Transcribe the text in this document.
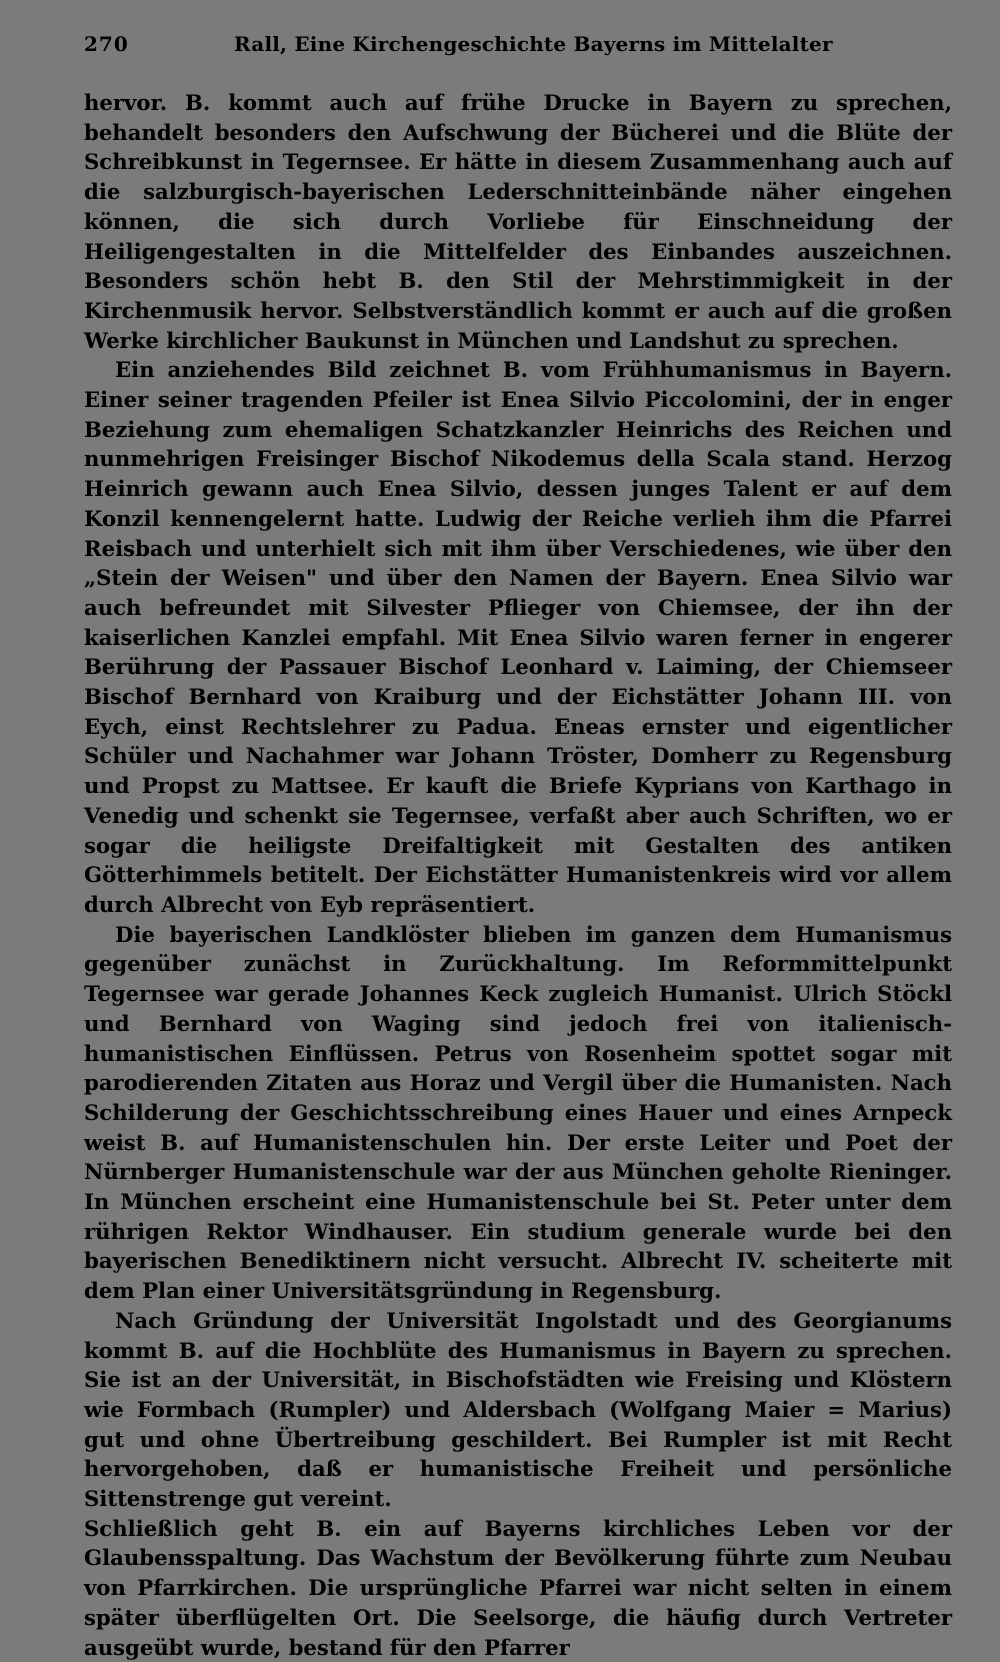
270	Rall, Eine Kirchengeschichte Bayerns im Mittelalter

hervor. B. kommt auch auf frühe Drucke in Bayern zu sprechen, behandelt besonders den Aufschwung der Bücherei und die Blüte der Schreibkunst in Tegernsee. Er hätte in diesem Zusammenhang auch auf die salzburgisch-bayerischen Lederschnitteinbände näher eingehen können, die sich durch Vorliebe für Einschneidung der Heiligengestalten in die Mittelfelder des Einbandes auszeichnen. Besonders schön hebt B. den Stil der Mehrstimmigkeit in der Kirchenmusik hervor. Selbstverständlich kommt er auch auf die großen Werke kirchlicher Baukunst in München und Landshut zu sprechen.

Ein anziehendes Bild zeichnet B. vom Frühhumanismus in Bayern. Einer seiner tragenden Pfeiler ist Enea Silvio Piccolomini, der in enger Beziehung zum ehemaligen Schatzkanzler Heinrichs des Reichen und nunmehrigen Freisinger Bischof Nikodemus della Scala stand. Herzog Heinrich gewann auch Enea Silvio, dessen junges Talent er auf dem Konzil kennengelernt hatte. Ludwig der Reiche verlieh ihm die Pfarrei Reisbach und unterhielt sich mit ihm über Verschiedenes, wie über den „Stein der Weisen" und über den Namen der Bayern. Enea Silvio war auch befreundet mit Silvester Pflieger von Chiemsee, der ihn der kaiserlichen Kanzlei empfahl. Mit Enea Silvio waren ferner in engerer Berührung der Passauer Bischof Leonhard v. Laiming, der Chiemseer Bischof Bernhard von Kraiburg und der Eichstätter Johann III. von Eych, einst Rechtslehrer zu Padua. Eneas ernster und eigentlicher Schüler und Nachahmer war Johann Tröster, Domherr zu Regensburg und Propst zu Mattsee. Er kauft die Briefe Kyprians von Karthago in Venedig und schenkt sie Tegernsee, verfaßt aber auch Schriften, wo er sogar die heiligste Dreifaltigkeit mit Gestalten des antiken Götterhimmels betitelt. Der Eichstätter Humanistenkreis wird vor allem durch Albrecht von Eyb repräsentiert.

Die bayerischen Landklöster blieben im ganzen dem Humanismus gegenüber zunächst in Zurückhaltung. Im Reformmittelpunkt Tegernsee war gerade Johannes Keck zugleich Humanist. Ulrich Stöckl und Bernhard von Waging sind jedoch frei von italienisch-humanistischen Einflüssen. Petrus von Rosenheim spottet sogar mit parodierenden Zitaten aus Horaz und Vergil über die Humanisten. Nach Schilderung der Geschichtsschreibung eines Hauer und eines Arnpeck weist B. auf Humanistenschulen hin. Der erste Leiter und Poet der Nürnberger Humanistenschule war der aus München geholte Rieninger. In München erscheint eine Humanistenschule bei St. Peter unter dem rührigen Rektor Windhauser. Ein studium generale wurde bei den bayerischen Benediktinern nicht versucht. Albrecht IV. scheiterte mit dem Plan einer Universitätsgründung in Regensburg.

Nach Gründung der Universität Ingolstadt und des Georgianums kommt B. auf die Hochblüte des Humanismus in Bayern zu sprechen. Sie ist an der Universität, in Bischofstädten wie Freising und Klöstern wie Formbach (Rumpler) und Aldersbach (Wolfgang Maier = Marius) gut und ohne Übertreibung geschildert. Bei Rumpler ist mit Recht hervorgehoben, daß er humanistische Freiheit und persönliche Sittenstrenge gut vereint.

Schließlich geht B. ein auf Bayerns kirchliches Leben vor der Glaubensspaltung. Das Wachstum der Bevölkerung führte zum Neubau von Pfarrkirchen. Die ursprüngliche Pfarrei war nicht selten in einem später überflügelten Ort. Die Seelsorge, die häufig durch Vertreter ausgeübt wurde, bestand für den Pfarrer
